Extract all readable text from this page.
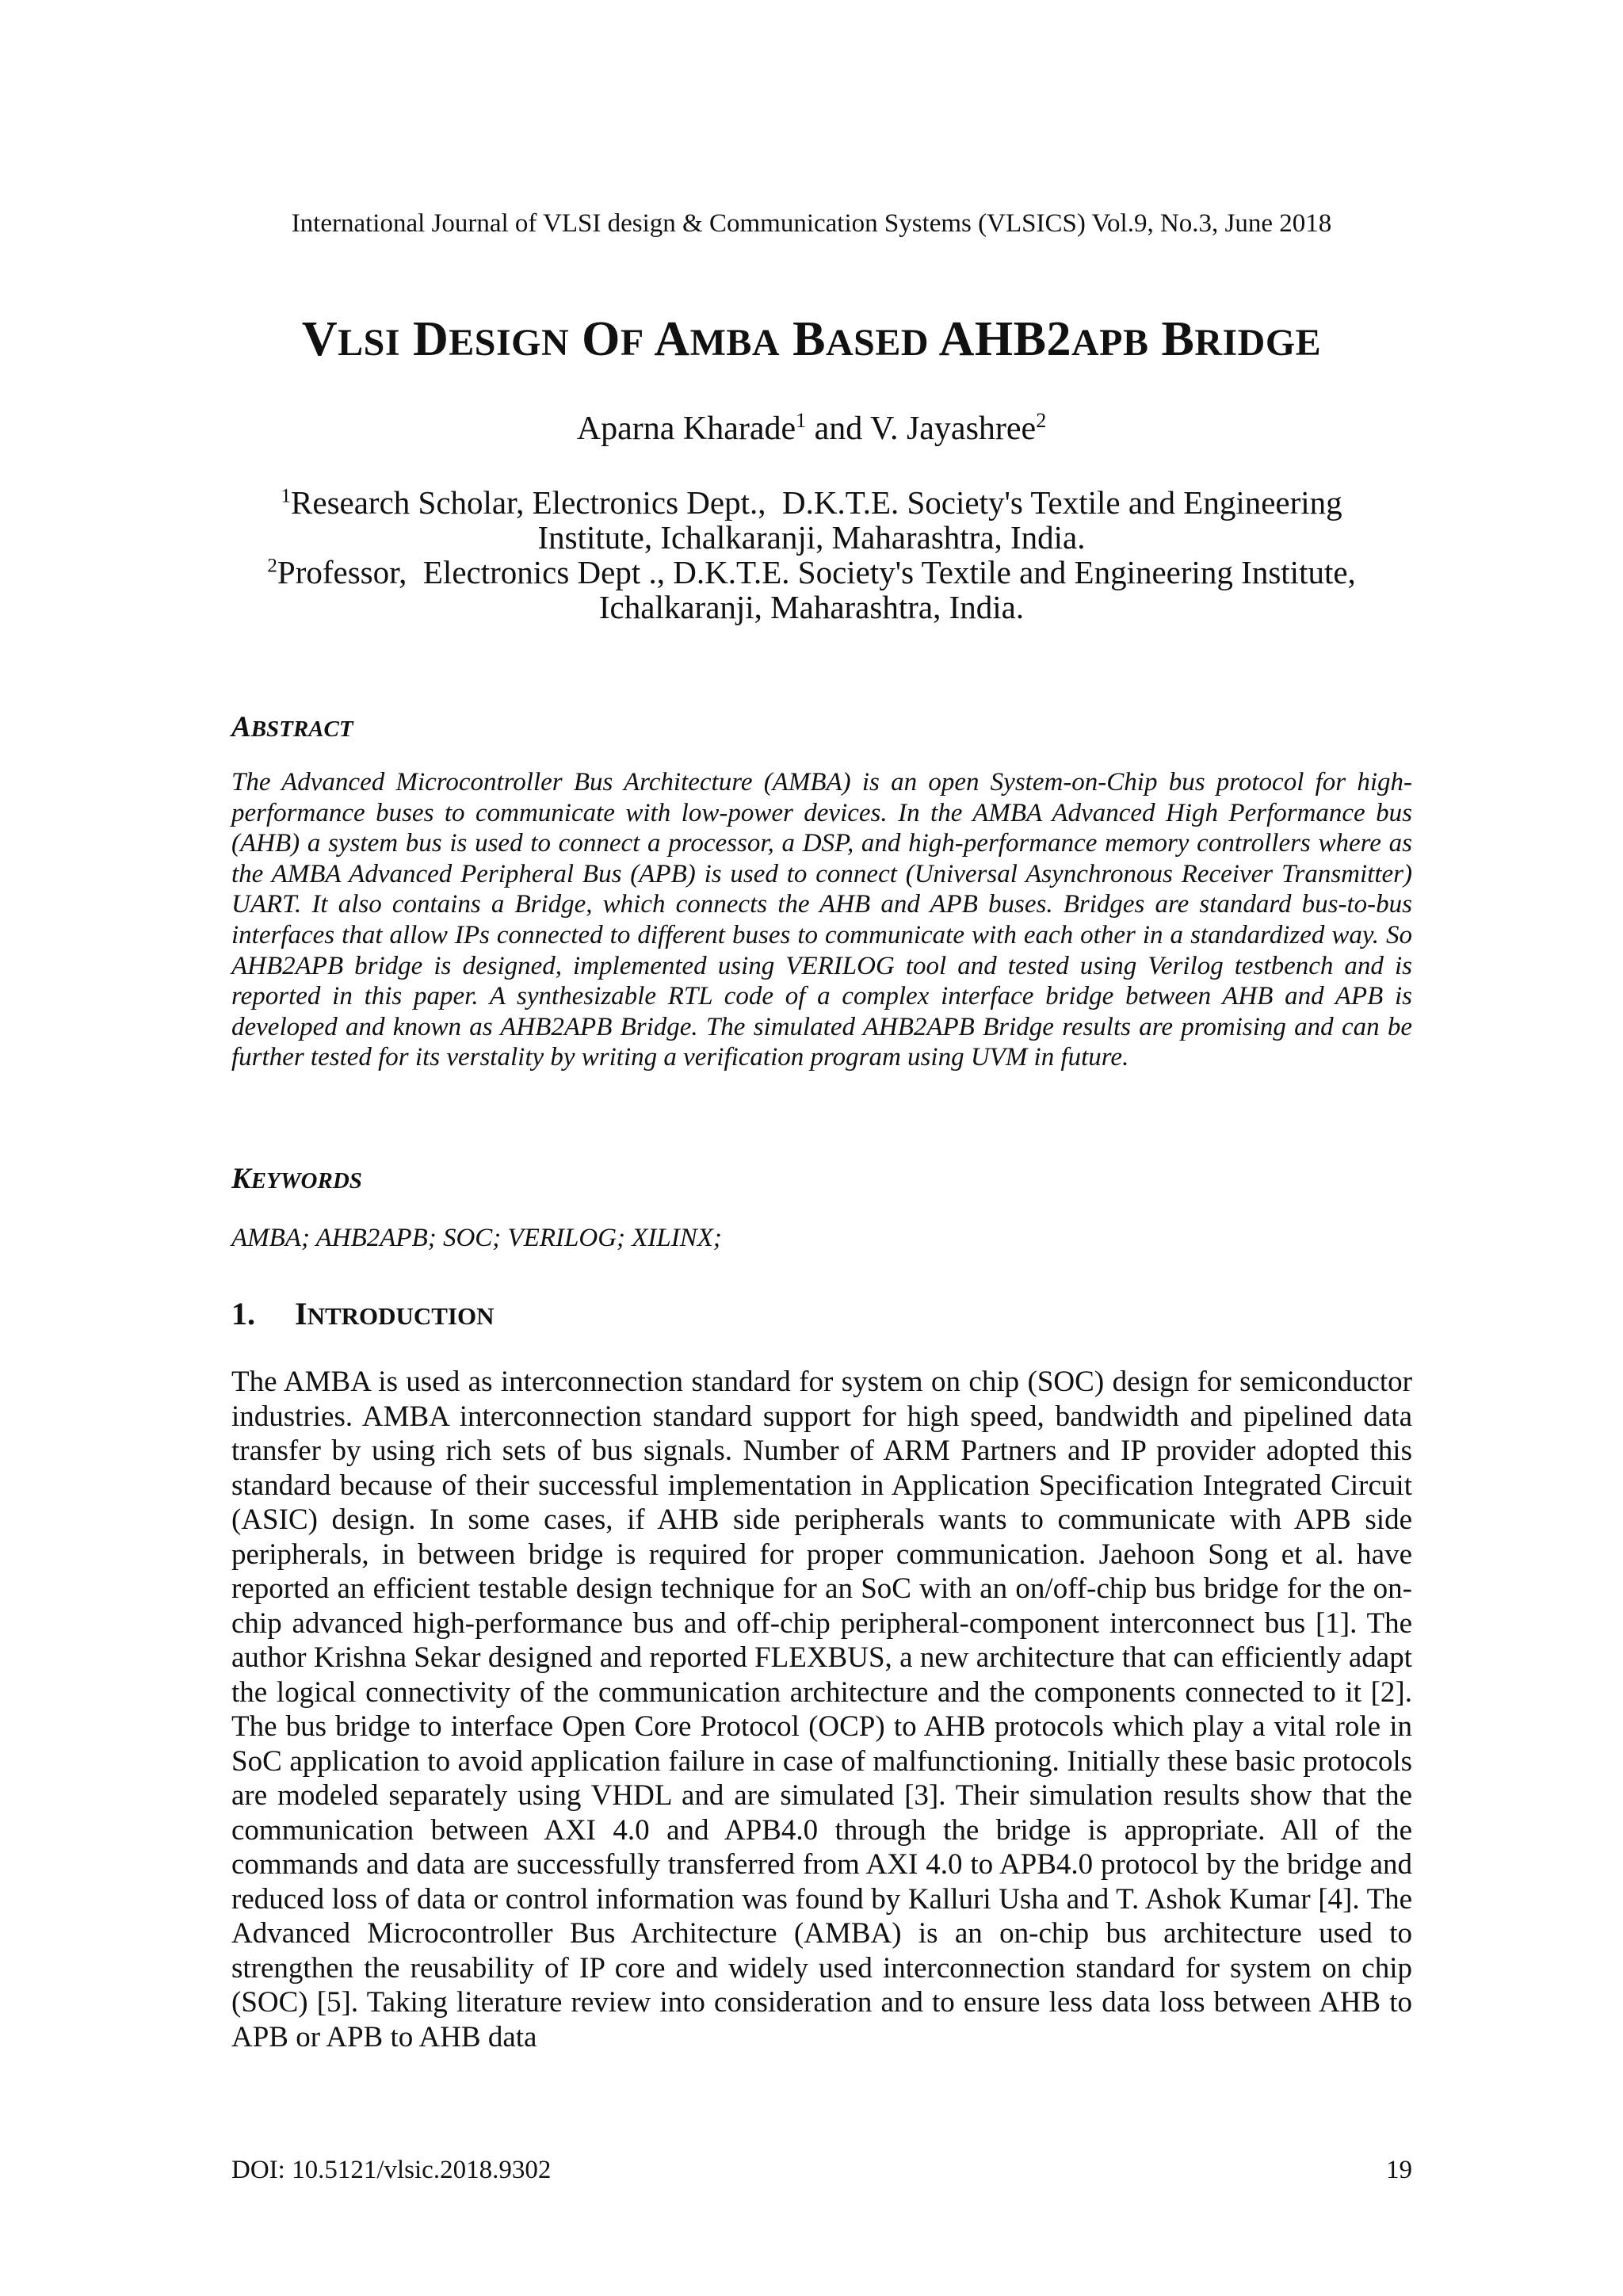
International Journal of VLSI design & Communication Systems (VLSICS) Vol.9, No.3, June 2018
VLSI DESIGN OF AMBA BASED AHB2APB BRIDGE
Aparna Kharade$^1$ and V. Jayashree$^2$
$^1$Research Scholar, Electronics Dept.,  D.K.T.E. Society's Textile and Engineering
Institute, Ichalkaranji, Maharashtra, India.
$^2$Professor,  Electronics Dept ., D.K.T.E. Society's Textile and Engineering Institute,
Ichalkaranji, Maharashtra, India.
ABSTRACT
The Advanced Microcontroller Bus Architecture (AMBA) is an open System-on-Chip bus protocol for high-performance buses to communicate with low-power devices. In the AMBA Advanced High Performance bus (AHB) a system bus is used to connect a processor, a DSP, and high-performance memory controllers where as the AMBA Advanced Peripheral Bus (APB) is used to connect (Universal Asynchronous Receiver Transmitter) UART. It also contains a Bridge, which connects the AHB and APB buses. Bridges are standard bus-to-bus interfaces that allow IPs connected to different buses to communicate with each other in a standardized way. So AHB2APB bridge is designed, implemented using VERILOG tool and tested using Verilog testbench and is reported in this paper. A synthesizable RTL code of a complex interface bridge between AHB and APB is developed and known as AHB2APB Bridge. The simulated AHB2APB Bridge results are promising and can be further tested for its verstality by writing a verification program using UVM in future.
KEYWORDS
AMBA; AHB2APB; SOC; VERILOG; XILINX;
1. INTRODUCTION
The AMBA is used as interconnection standard for system on chip (SOC) design for semiconductor industries. AMBA interconnection standard support for high speed, bandwidth and pipelined data transfer by using rich sets of bus signals. Number of ARM Partners and IP provider adopted this standard because of their successful implementation in Application Specification Integrated Circuit (ASIC) design. In some cases, if AHB side peripherals wants to communicate with APB side peripherals, in between bridge is required for proper communication. Jaehoon Song et al. have reported an efficient testable design technique for an SoC with an on/off-chip bus bridge for the on-chip advanced high-performance bus and off-chip peripheral-component interconnect bus [1]. The author Krishna Sekar designed and reported FLEXBUS, a new architecture that can efficiently adapt the logical connectivity of the communication architecture and the components connected to it [2]. The bus bridge to interface Open Core Protocol (OCP) to AHB protocols which play a vital role in SoC application to avoid application failure in case of malfunctioning. Initially these basic protocols are modeled separately using VHDL and are simulated [3]. Their simulation results show that the communication between AXI 4.0 and APB4.0 through the bridge is appropriate. All of the commands and data are successfully transferred from AXI 4.0 to APB4.0 protocol by the bridge and reduced loss of data or control information was found by Kalluri Usha and T. Ashok Kumar [4]. The Advanced Microcontroller Bus Architecture (AMBA) is an on-chip bus architecture used to strengthen the reusability of IP core and widely used interconnection standard for system on chip (SOC) [5]. Taking literature review into consideration and to ensure less data loss between AHB to APB or APB to AHB data
DOI: 10.5121/vlsic.2018.9302	19
